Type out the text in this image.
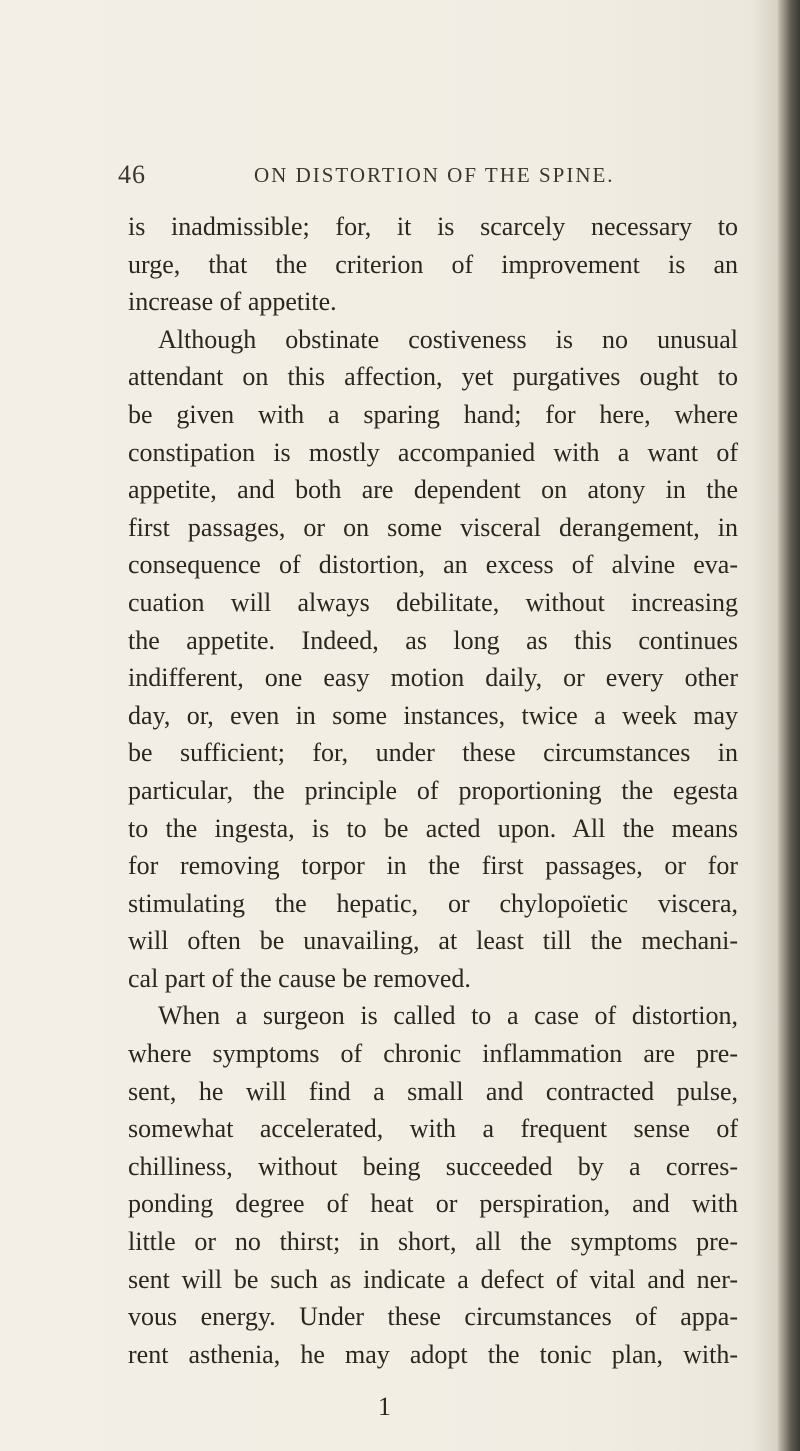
46	ON DISTORTION OF THE SPINE.
is inadmissible; for, it is scarcely necessary to
urge, that the criterion of improvement is an
increase of appetite.
Although obstinate costiveness is no unusual
attendant on this affection, yet purgatives ought to
be given with a sparing hand; for here, where
constipation is mostly accompanied with a want of
appetite, and both are dependent on atony in the
first passages, or on some visceral derangement, in
consequence of distortion, an excess of alvine eva-
cuation will always debilitate, without increasing
the appetite. Indeed, as long as this continues
indifferent, one easy motion daily, or every other
day, or, even in some instances, twice a week may
be sufficient; for, under these circumstances in
particular, the principle of proportioning the egesta
to the ingesta, is to be acted upon. All the means
for removing torpor in the first passages, or for
stimulating the hepatic, or chylopoïetic viscera,
will often be unavailing, at least till the mechani-
cal part of the cause be removed.
When a surgeon is called to a case of distortion,
where symptoms of chronic inflammation are pre-
sent, he will find a small and contracted pulse,
somewhat accelerated, with a frequent sense of
chilliness, without being succeeded by a corres-
ponding degree of heat or perspiration, and with
little or no thirst; in short, all the symptoms pre-
sent will be such as indicate a defect of vital and ner-
vous energy. Under these circumstances of appa-
rent asthenia, he may adopt the tonic plan, with-
1
